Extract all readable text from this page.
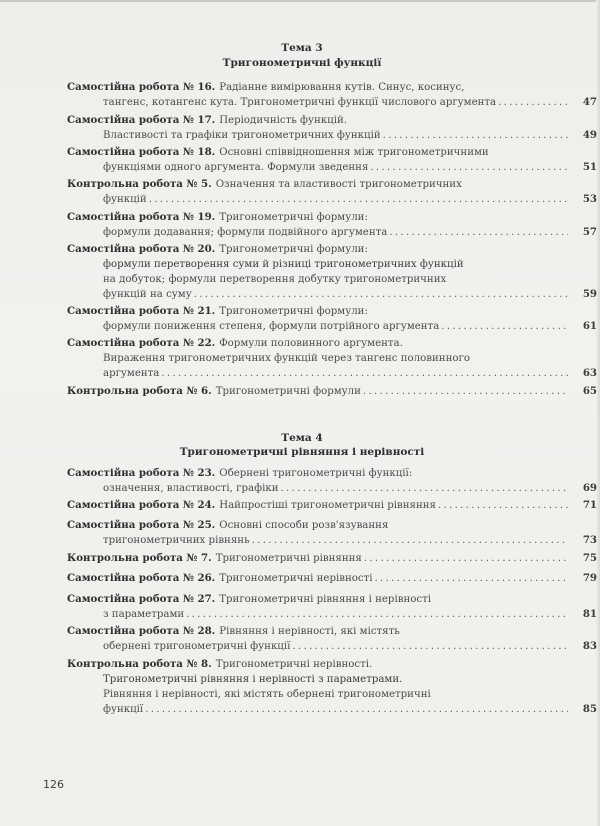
Тема 3
Тригонометричні функції
Самостійна робота № 16. Радіанне вимірювання кутів. Синус, косинус,
тангенс, котангенс кута. Тригонометричні функції числового аргумента .....	47
Самостійна робота № 17. Періодичність функцій.
Властивості та графіки тригонометричних функцій .....	49
Самостійна робота № 18. Основні співвідношення між тригонометричними
функціями одного аргумента. Формули зведення .....	51
Контрольна робота № 5. Означення та властивості тригонометричних
функцій .....	53
Самостійна робота № 19. Тригонометричні формули:
формули додавання; формули подвійного аргумента .....	57
Самостійна робота № 20. Тригонометричні формули:
формули перетворення суми й різниці тригонометричних функцій
на добуток; формули перетворення добутку тригонометричних
функцій на суму .....	59
Самостійна робота № 21. Тригонометричні формули:
формули пониження степеня, формули потрійного аргумента .....	61
Самостійна робота № 22. Формули половинного аргумента.
Вираження тригонометричних функцій через тангенс половинного
аргумента .....	63
Контрольна робота № 6. Тригонометричні формули .....	65
Тема 4
Тригонометричні рівняння і нерівності
Самостійна робота № 23. Обернені тригонометричні функції:
означення, властивості, графіки .....	69
Самостійна робота № 24. Найпростіші тригонометричні рівняння .....	71
Самостійна робота № 25. Основні способи розв'язування
тригонометричних рівнянь .....	73
Контрольна робота № 7. Тригонометричні рівняння .....	75
Самостійна робота № 26. Тригонометричні нерівності .....	79
Самостійна робота № 27. Тригонометричні рівняння і нерівності
з параметрами .....	81
Самостійна робота № 28. Рівняння і нерівності, які містять
обернені тригонометричні функції .....	83
Контрольна робота № 8. Тригонометричні нерівності.
Тригонометричні рівняння і нерівності з параметрами.
Рівняння і нерівності, які містять обернені тригонометричні
функції .....	85
126
